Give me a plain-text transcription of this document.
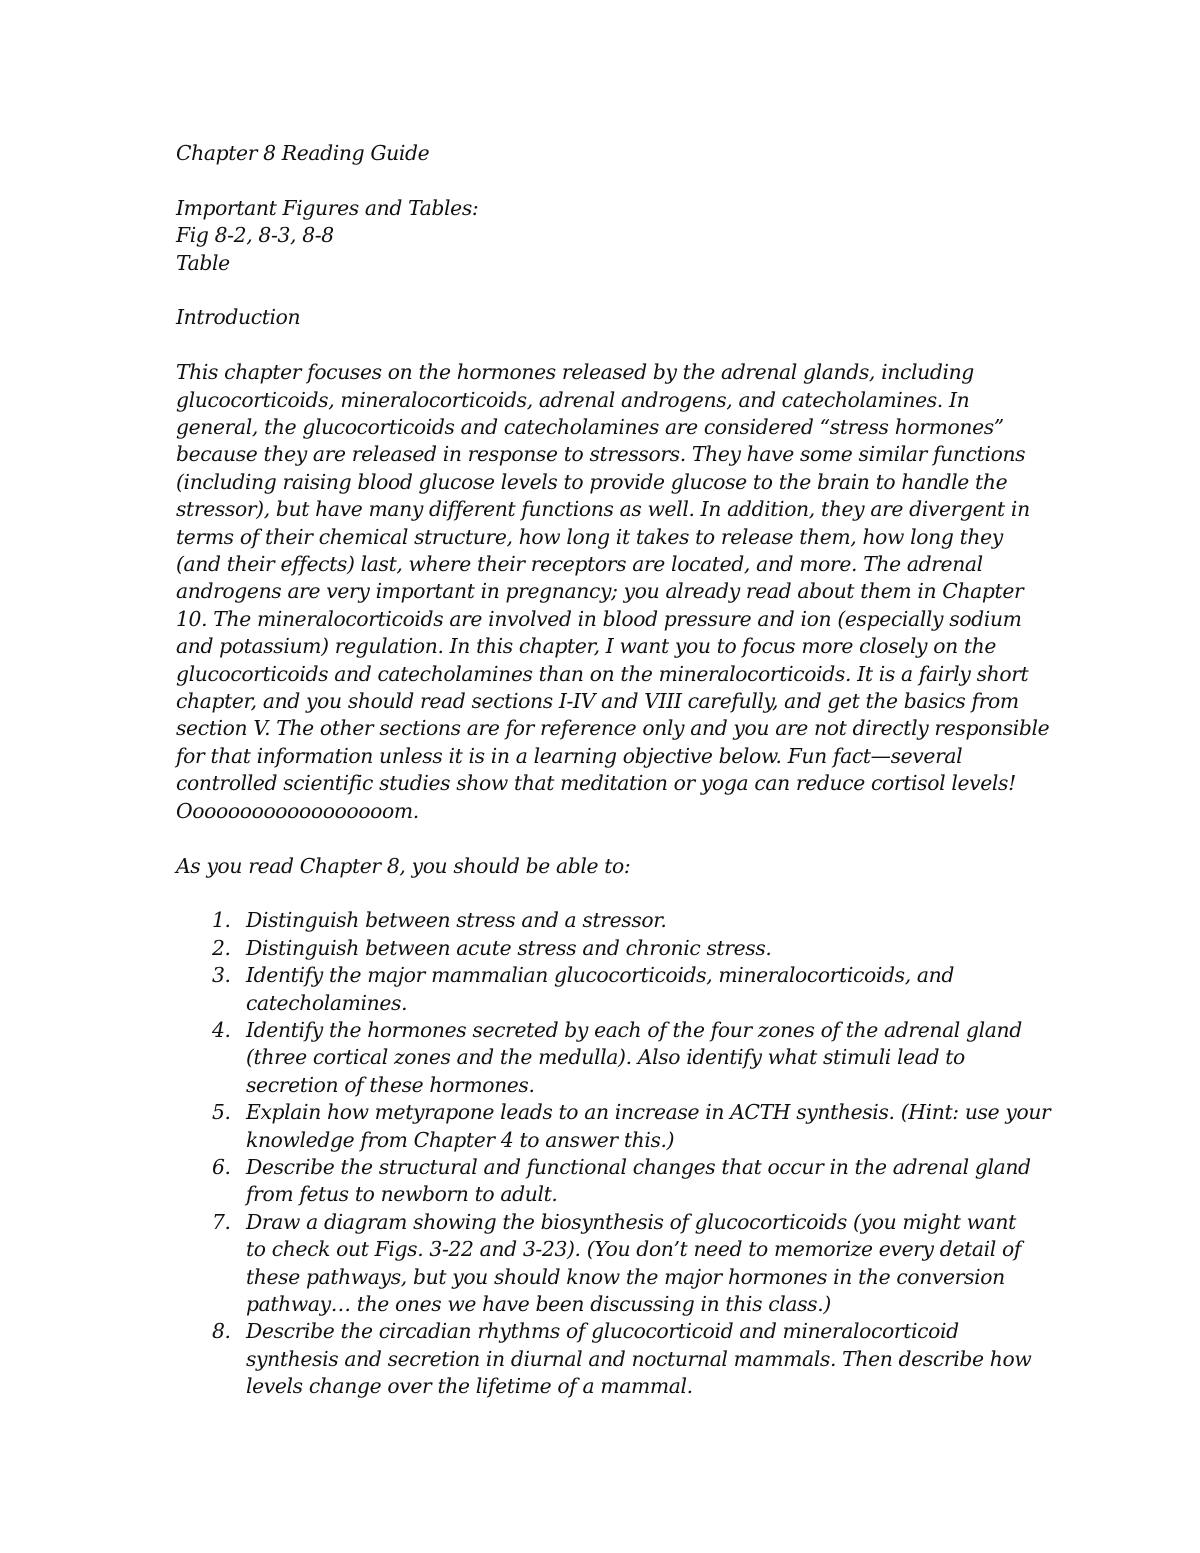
Chapter 8 Reading Guide

Important Figures and Tables:

Fig 8-2, 8-3, 8-8

Table

Introduction

This chapter focuses on the hormones released by the adrenal glands, including
glucocorticoids, mineralocorticoids, adrenal androgens, and catecholamines. In
general, the glucocorticoids and catecholamines are considered “stress hormones”
because they are released in response to stressors. They have some similar functions
(including raising blood glucose levels to provide glucose to the brain to handle the
stressor), but have many different functions as well. In addition, they are divergent in
terms of their chemical structure, how long it takes to release them, how long they
(and their effects) last, where their receptors are located, and more. The adrenal
androgens are very important in pregnancy; you already read about them in Chapter
10. The mineralocorticoids are involved in blood pressure and ion (especially sodium
and potassium) regulation. In this chapter, I want you to focus more closely on the
glucocorticoids and catecholamines than on the mineralocorticoids. It is a fairly short
chapter, and you should read sections I-IV and VIII carefully, and get the basics from
section V. The other sections are for reference only and you are not directly responsible
for that information unless it is in a learning objective below. Fun fact—several
controlled scientific studies show that meditation or yoga can reduce cortisol levels!
Oooooooooooooooooom.

As you read Chapter 8, you should be able to:

1. Distinguish between stress and a stressor.
2. Distinguish between acute stress and chronic stress.
3. Identify the major mammalian glucocorticoids, mineralocorticoids, and
catecholamines.
4. Identify the hormones secreted by each of the four zones of the adrenal gland
(three cortical zones and the medulla). Also identify what stimuli lead to
secretion of these hormones.
5. Explain how metyrapone leads to an increase in ACTH synthesis. (Hint: use your
knowledge from Chapter 4 to answer this.)
6. Describe the structural and functional changes that occur in the adrenal gland
from fetus to newborn to adult.
7. Draw a diagram showing the biosynthesis of glucocorticoids (you might want
to check out Figs. 3-22 and 3-23). (You don’t need to memorize every detail of
these pathways, but you should know the major hormones in the conversion
pathway… the ones we have been discussing in this class.)
8. Describe the circadian rhythms of glucocorticoid and mineralocorticoid
synthesis and secretion in diurnal and nocturnal mammals. Then describe how
levels change over the lifetime of a mammal.
